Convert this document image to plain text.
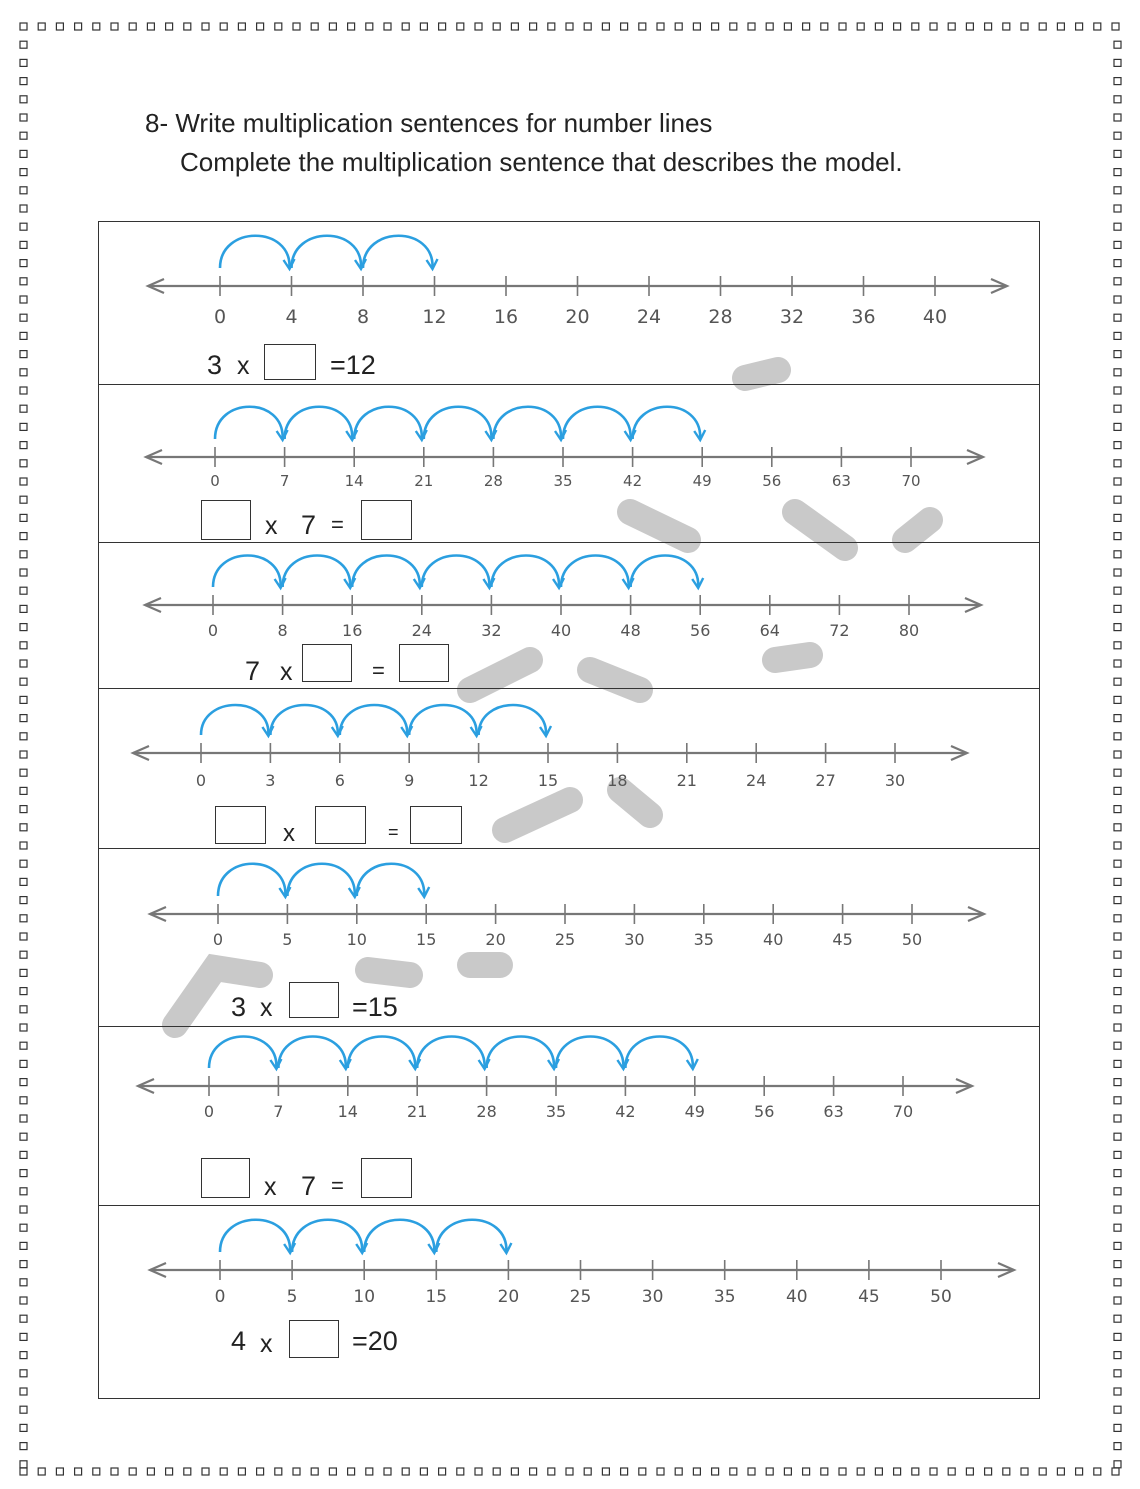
8- Write multiplication sentences for number lines
Complete the multiplication sentence that describes the model.
0	4	8	12 16 20 24 28 32 36 40
0	7	14	21	28	35	42	49	56	63	70
0	8	16	24	32	40	48	56	64	72	80
0	3	6	9	12	15	18	21	24	27	30
0	5	10	15	20	25	30	35	40	45	50
0	7	14	21	28	35	42	49	56	63	70
0	5	10	15	20	25	30	35	40	45	50
3 x	=12
x 7 =
7 x	=
x	=
3 x	=15
x 7 =
4 x	=20
